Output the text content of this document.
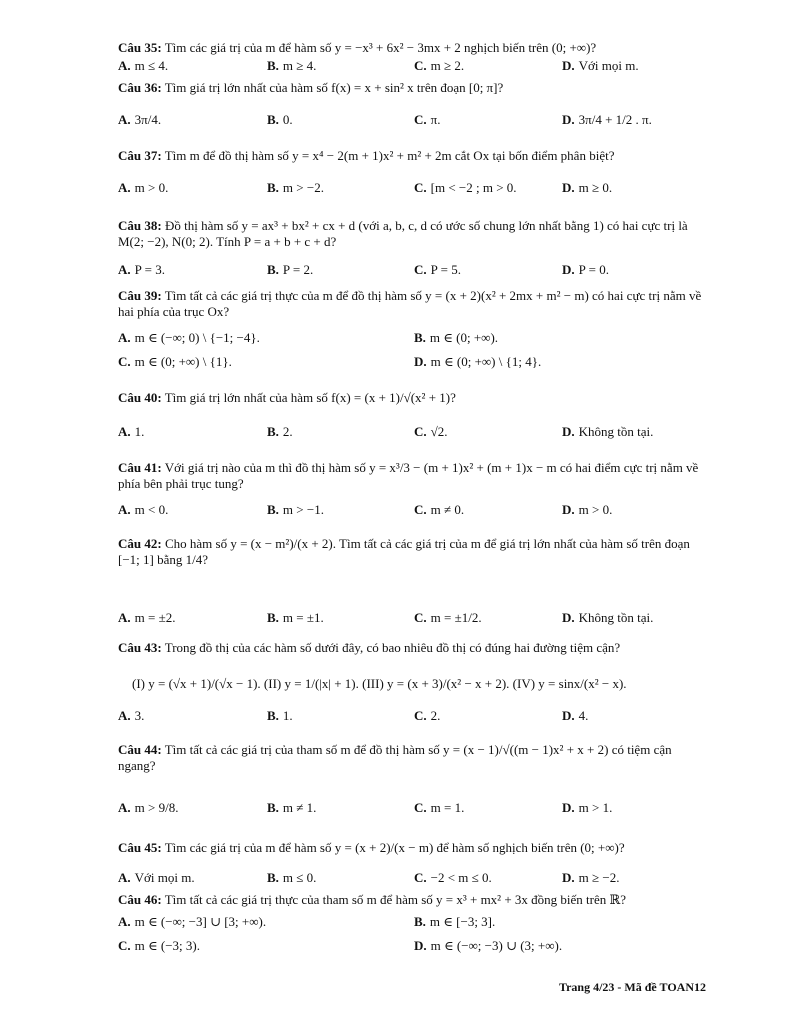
Câu 35: Tìm các giá trị của m để hàm số y = −x³ + 6x² − 3mx + 2 nghịch biến trên (0; +∞)?
A. m ≤ 4.	B. m ≥ 4.	C. m ≥ 2.	D. Với mọi m.
Câu 36: Tìm giá trị lớn nhất của hàm số f(x) = x + sin² x trên đoạn [0; π]?
A. 3π/4.	B. 0.	C. π.	D. 3π/4 + 1/2 . π.
Câu 37: Tìm m để đồ thị hàm số y = x⁴ − 2(m + 1)x² + m² + 2m cắt Ox tại bốn điểm phân biệt?
A. m > 0.	B. m > −2.	C. [m < −2 ; m > 0.	D. m ≥ 0.
Câu 38: Đồ thị hàm số y = ax³ + bx² + cx + d (với a, b, c, d có ước số chung lớn nhất bằng 1) có hai cực trị là M(2; −2), N(0; 2). Tính P = a + b + c + d?
A. P = 3.	B. P = 2.	C. P = 5.	D. P = 0.
Câu 39: Tìm tất cả các giá trị thực của m để đồ thị hàm số y = (x + 2)(x² + 2mx + m² − m) có hai cực trị nằm về hai phía của trục Ox?
A. m ∈ (−∞; 0) \ {−1; −4}.	B. m ∈ (0; +∞).
C. m ∈ (0; +∞) \ {1}.	D. m ∈ (0; +∞) \ {1; 4}.
Câu 40: Tìm giá trị lớn nhất của hàm số f(x) = (x + 1)/√(x² + 1)?
A. 1.	B. 2.	C. √2.	D. Không tồn tại.
Câu 41: Với giá trị nào của m thì đồ thị hàm số y = x³/3 − (m + 1)x² + (m + 1)x − m có hai điểm cực trị nằm về phía bên phải trục tung?
A. m < 0.	B. m > −1.	C. m ≠ 0.	D. m > 0.
Câu 42: Cho hàm số y = (x − m²)/(x + 2). Tìm tất cả các giá trị của m để giá trị lớn nhất của hàm số trên đoạn [−1; 1] bằng 1/4?
A. m = ±2.	B. m = ±1.	C. m = ±1/2.	D. Không tồn tại.
Câu 43: Trong đồ thị của các hàm số dưới đây, có bao nhiêu đồ thị có đúng hai đường tiệm cận?
(I) y = (√x + 1)/(√x − 1). (II) y = 1/(|x| + 1). (III) y = (x + 3)/(x² − x + 2). (IV) y = sinx/(x² − x).
A. 3.	B. 1.	C. 2.	D. 4.
Câu 44: Tìm tất cả các giá trị của tham số m để đồ thị hàm số y = (x − 1)/√((m − 1)x² + x + 2) có tiệm cận ngang?
A. m > 9/8.	B. m ≠ 1.	C. m = 1.	D. m > 1.
Câu 45: Tìm các giá trị của m để hàm số y = (x + 2)/(x − m) để hàm số nghịch biến trên (0; +∞)?
A. Với mọi m.	B. m ≤ 0.	C. −2 < m ≤ 0.	D. m ≥ −2.
Câu 46: Tìm tất cả các giá trị thực của tham số m để hàm số y = x³ + mx² + 3x đồng biến trên ℝ?
A. m ∈ (−∞; −3] ∪ [3; +∞).	B. m ∈ [−3; 3].
C. m ∈ (−3; 3).	D. m ∈ (−∞; −3) ∪ (3; +∞).
Trang 4/23 - Mã đề TOAN12
